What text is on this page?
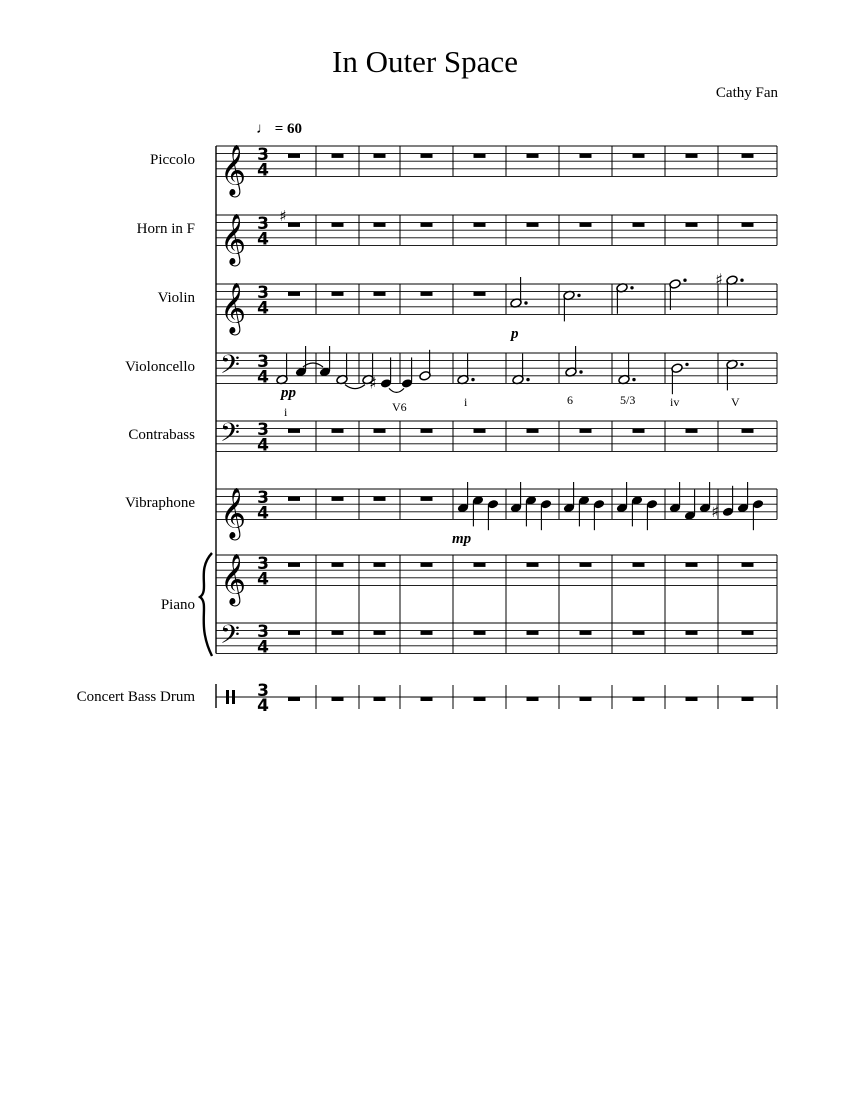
In Outer Space
Cathy Fan
♩ = 60
Piccolo
Horn in F
Violin
Violoncello
Contrabass
Vibraphone
Piano
Concert Bass Drum
p
pp
mp
i	V6	i	6	5/3	iv	V
𝄞 3
4
𝄞 3
4
𝄞 3
4
𝄞 3
4
𝄢 3
4
𝄢 3
4
𝄞 3
4
𝄢 3
4
♯
3
4
♯
♯
♯
